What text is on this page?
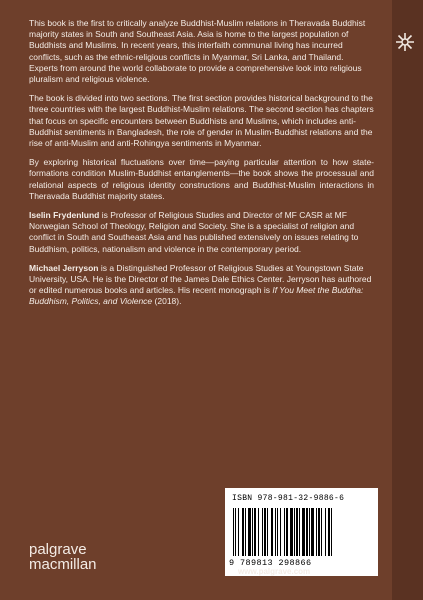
This book is the first to critically analyze Buddhist-Muslim relations in Theravada Buddhist majority states in South and Southeast Asia. Asia is home to the largest population of Buddhists and Muslims. In recent years, this interfaith communal living has incurred conflicts, such as the ethnic-religious conflicts in Myanmar, Sri Lanka, and Thailand. Experts from around the world collaborate to provide a comprehensive look into religious pluralism and religious violence.

The book is divided into two sections. The first section provides historical background to the three countries with the largest Buddhist-Muslim relations. The second section has chapters that focus on specific encounters between Buddhists and Muslims, which includes anti-Buddhist sentiments in Bangladesh, the role of gender in Muslim-Buddhist relations and the rise of anti-Muslim and anti-Rohingya sentiments in Myanmar.

By exploring historical fluctuations over time—paying particular attention to how state-formations condition Muslim-Buddhist entanglements—the book shows the processual and relational aspects of religious identity constructions and Buddhist-Muslim interactions in Theravada Buddhist majority states.

Iselin Frydenlund is Professor of Religious Studies and Director of MF CASR at MF Norwegian School of Theology, Religion and Society. She is a specialist of religion and conflict in South and Southeast Asia and has published extensively on issues relating to Buddhism, politics, nationalism and violence in the contemporary period.

Michael Jerryson is a Distinguished Professor of Religious Studies at Youngstown State University, USA. He is the Director of the James Dale Ethics Center. Jerryson has authored or edited numerous books and articles. His recent monograph is If You Meet the Buddha: Buddhism, Politics, and Violence (2018).

ISBN 978-981-32-9886-6
9 789813 298866
www.palgrave.com
palgrave
macmillan
